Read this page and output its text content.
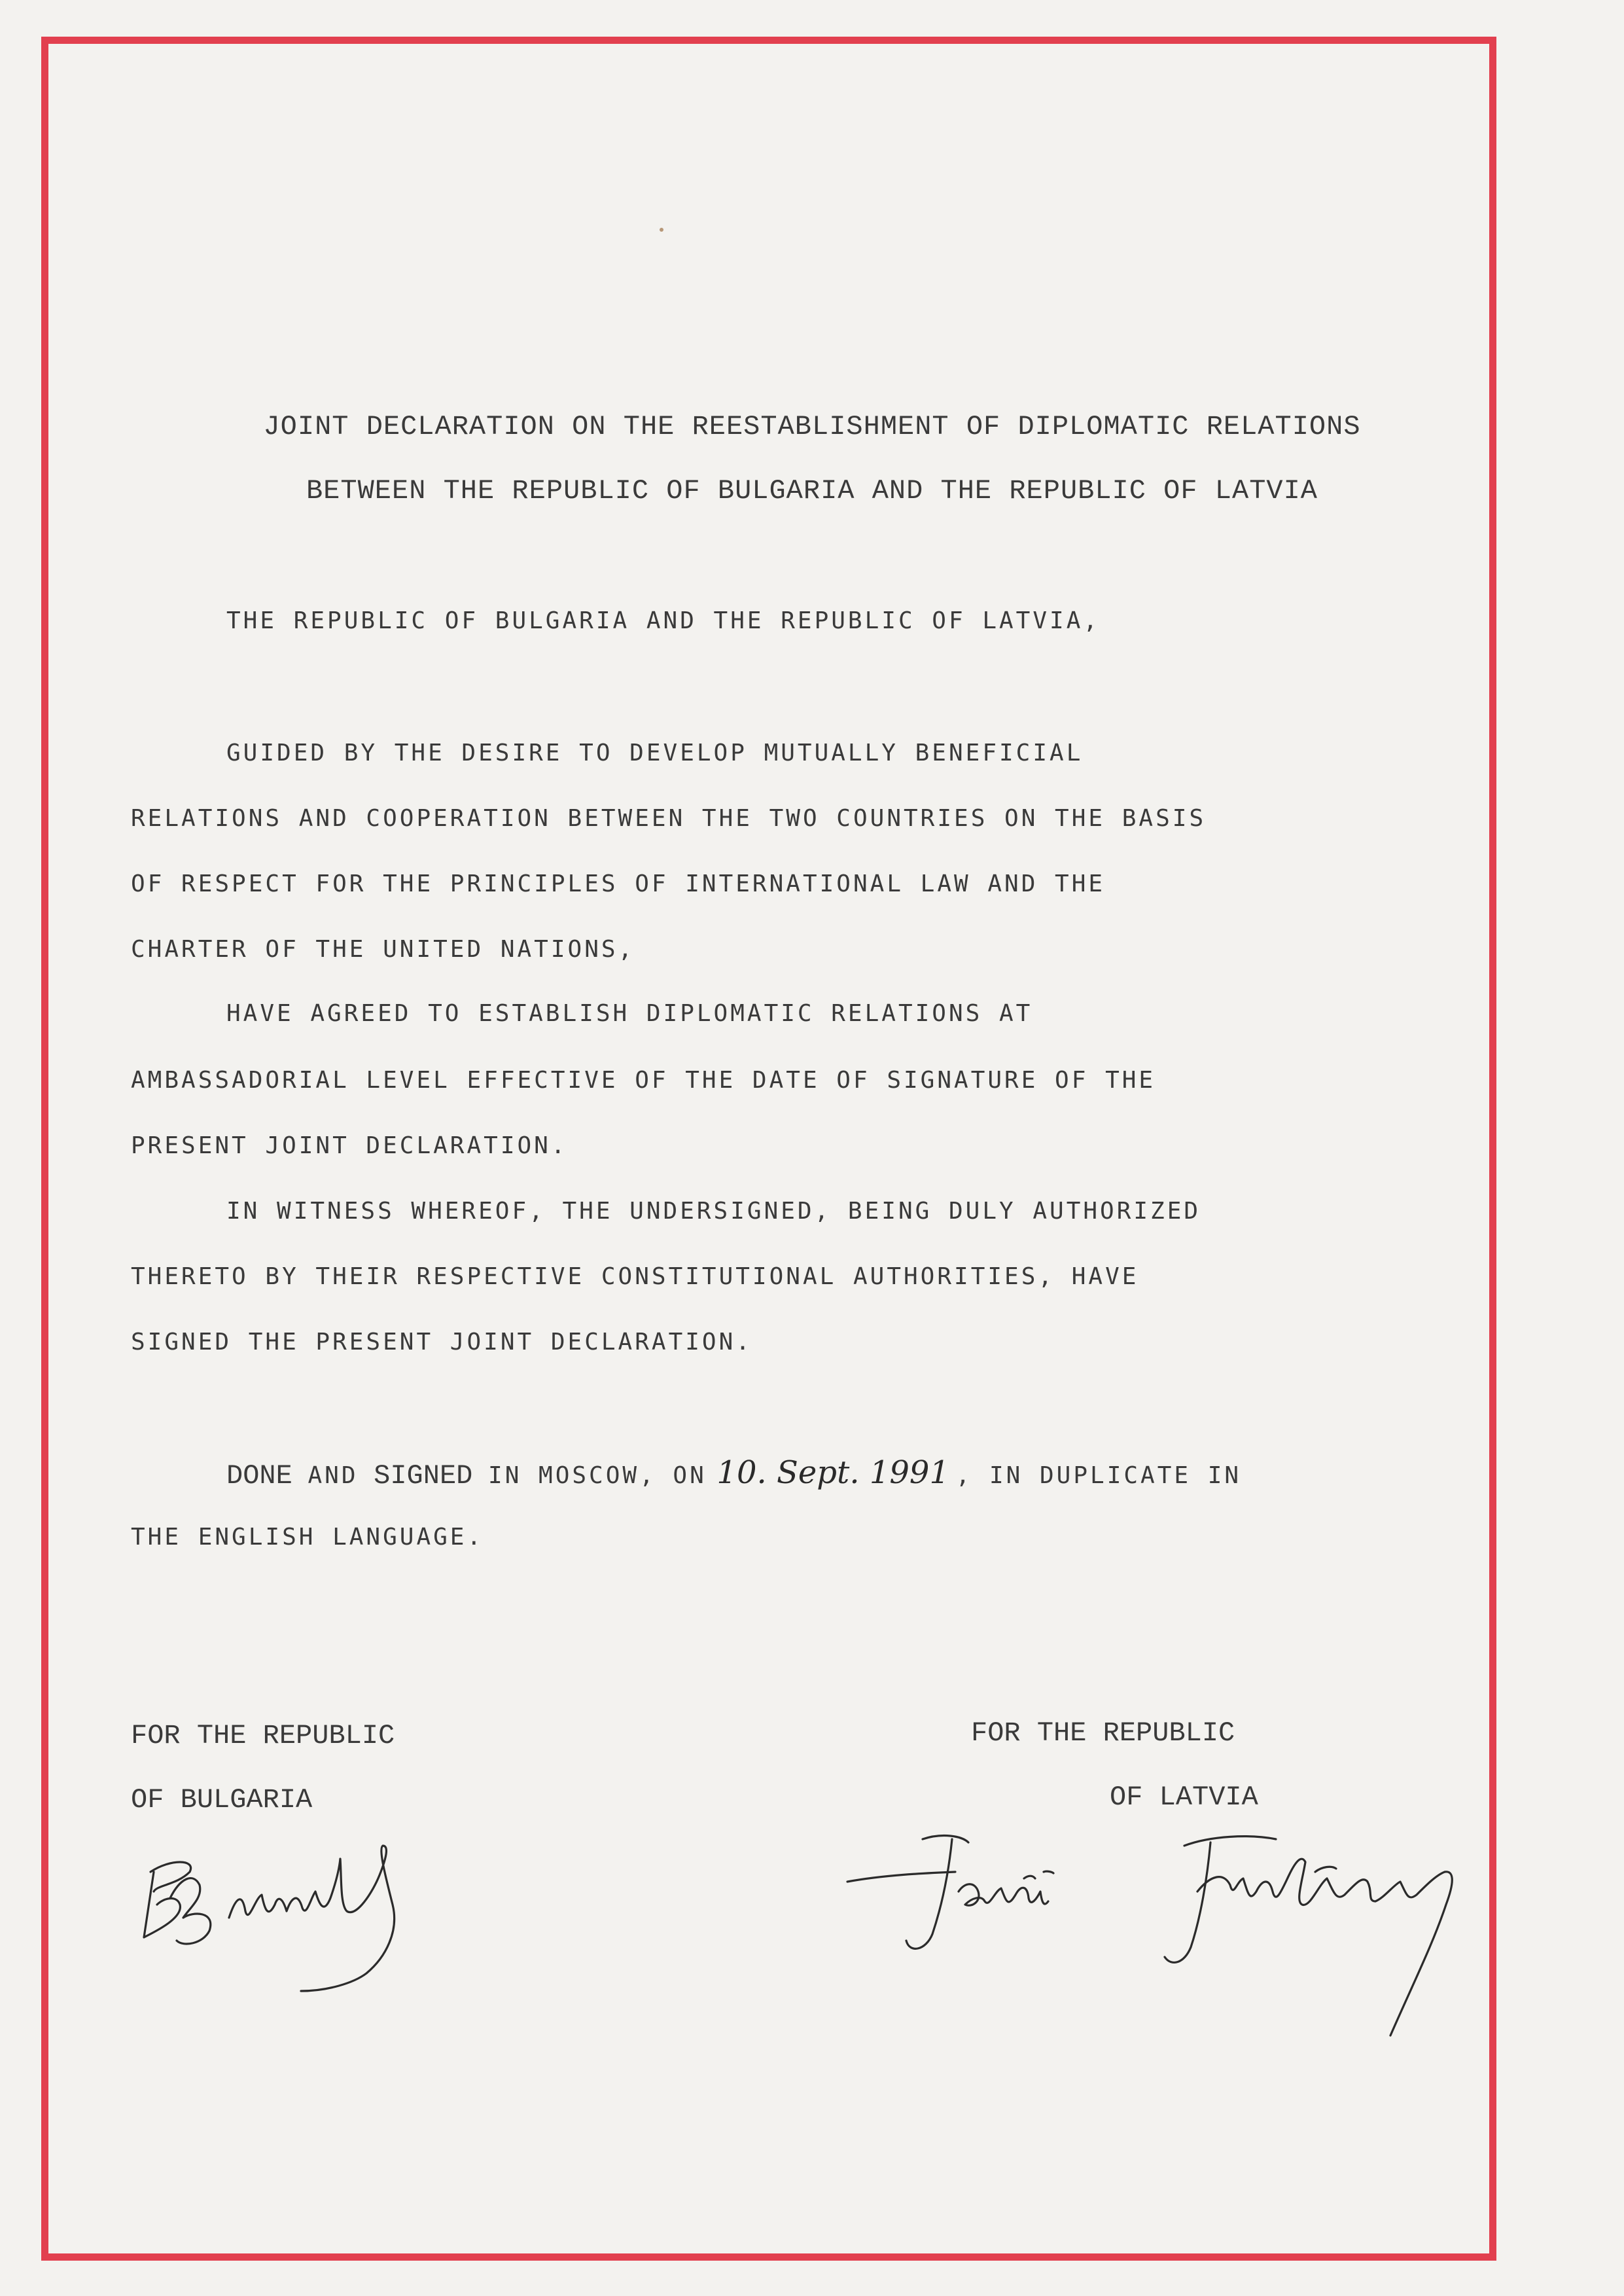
JOINT DECLARATION ON THE REESTABLISHMENT OF DIPLOMATIC RELATIONS
BETWEEN THE REPUBLIC OF BULGARIA AND THE REPUBLIC OF LATVIA
THE REPUBLIC OF BULGARIA AND THE REPUBLIC OF LATVIA,
GUIDED BY THE DESIRE TO DEVELOP MUTUALLY BENEFICIAL
RELATIONS AND COOPERATION BETWEEN THE TWO COUNTRIES ON THE BASIS
OF RESPECT FOR THE PRINCIPLES OF INTERNATIONAL LAW AND THE
CHARTER OF THE UNITED NATIONS,
HAVE AGREED TO ESTABLISH DIPLOMATIC RELATIONS AT
AMBASSADORIAL LEVEL EFFECTIVE OF THE DATE OF SIGNATURE OF THE
PRESENT JOINT DECLARATION.
IN WITNESS WHEREOF, THE UNDERSIGNED, BEING DULY AUTHORIZED
THERETO BY THEIR RESPECTIVE CONSTITUTIONAL AUTHORITIES, HAVE
SIGNED THE PRESENT JOINT DECLARATION.
DONE AND SIGNED IN MOSCOW, ON 10. Sept. 1991 , IN DUPLICATE IN
THE ENGLISH LANGUAGE.
FOR THE REPUBLIC
OF BULGARIA
FOR THE REPUBLIC
OF LATVIA
